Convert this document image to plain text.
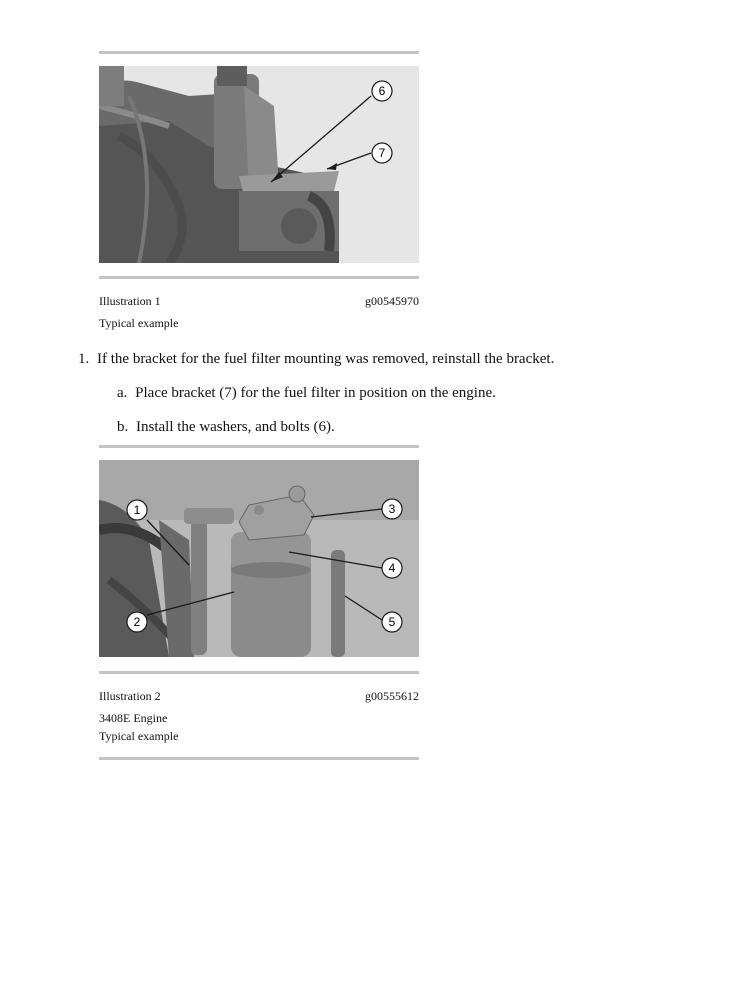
6
7
Illustration 1	g00545970
Typical example
1. If the bracket for the fuel filter mounting was removed, reinstall the bracket.
a. Place bracket (7) for the fuel filter in position on the engine.
b. Install the washers, and bolts (6).
1
2
3
4
5
Illustration 2	g00555612
3408E Engine
Typical example
